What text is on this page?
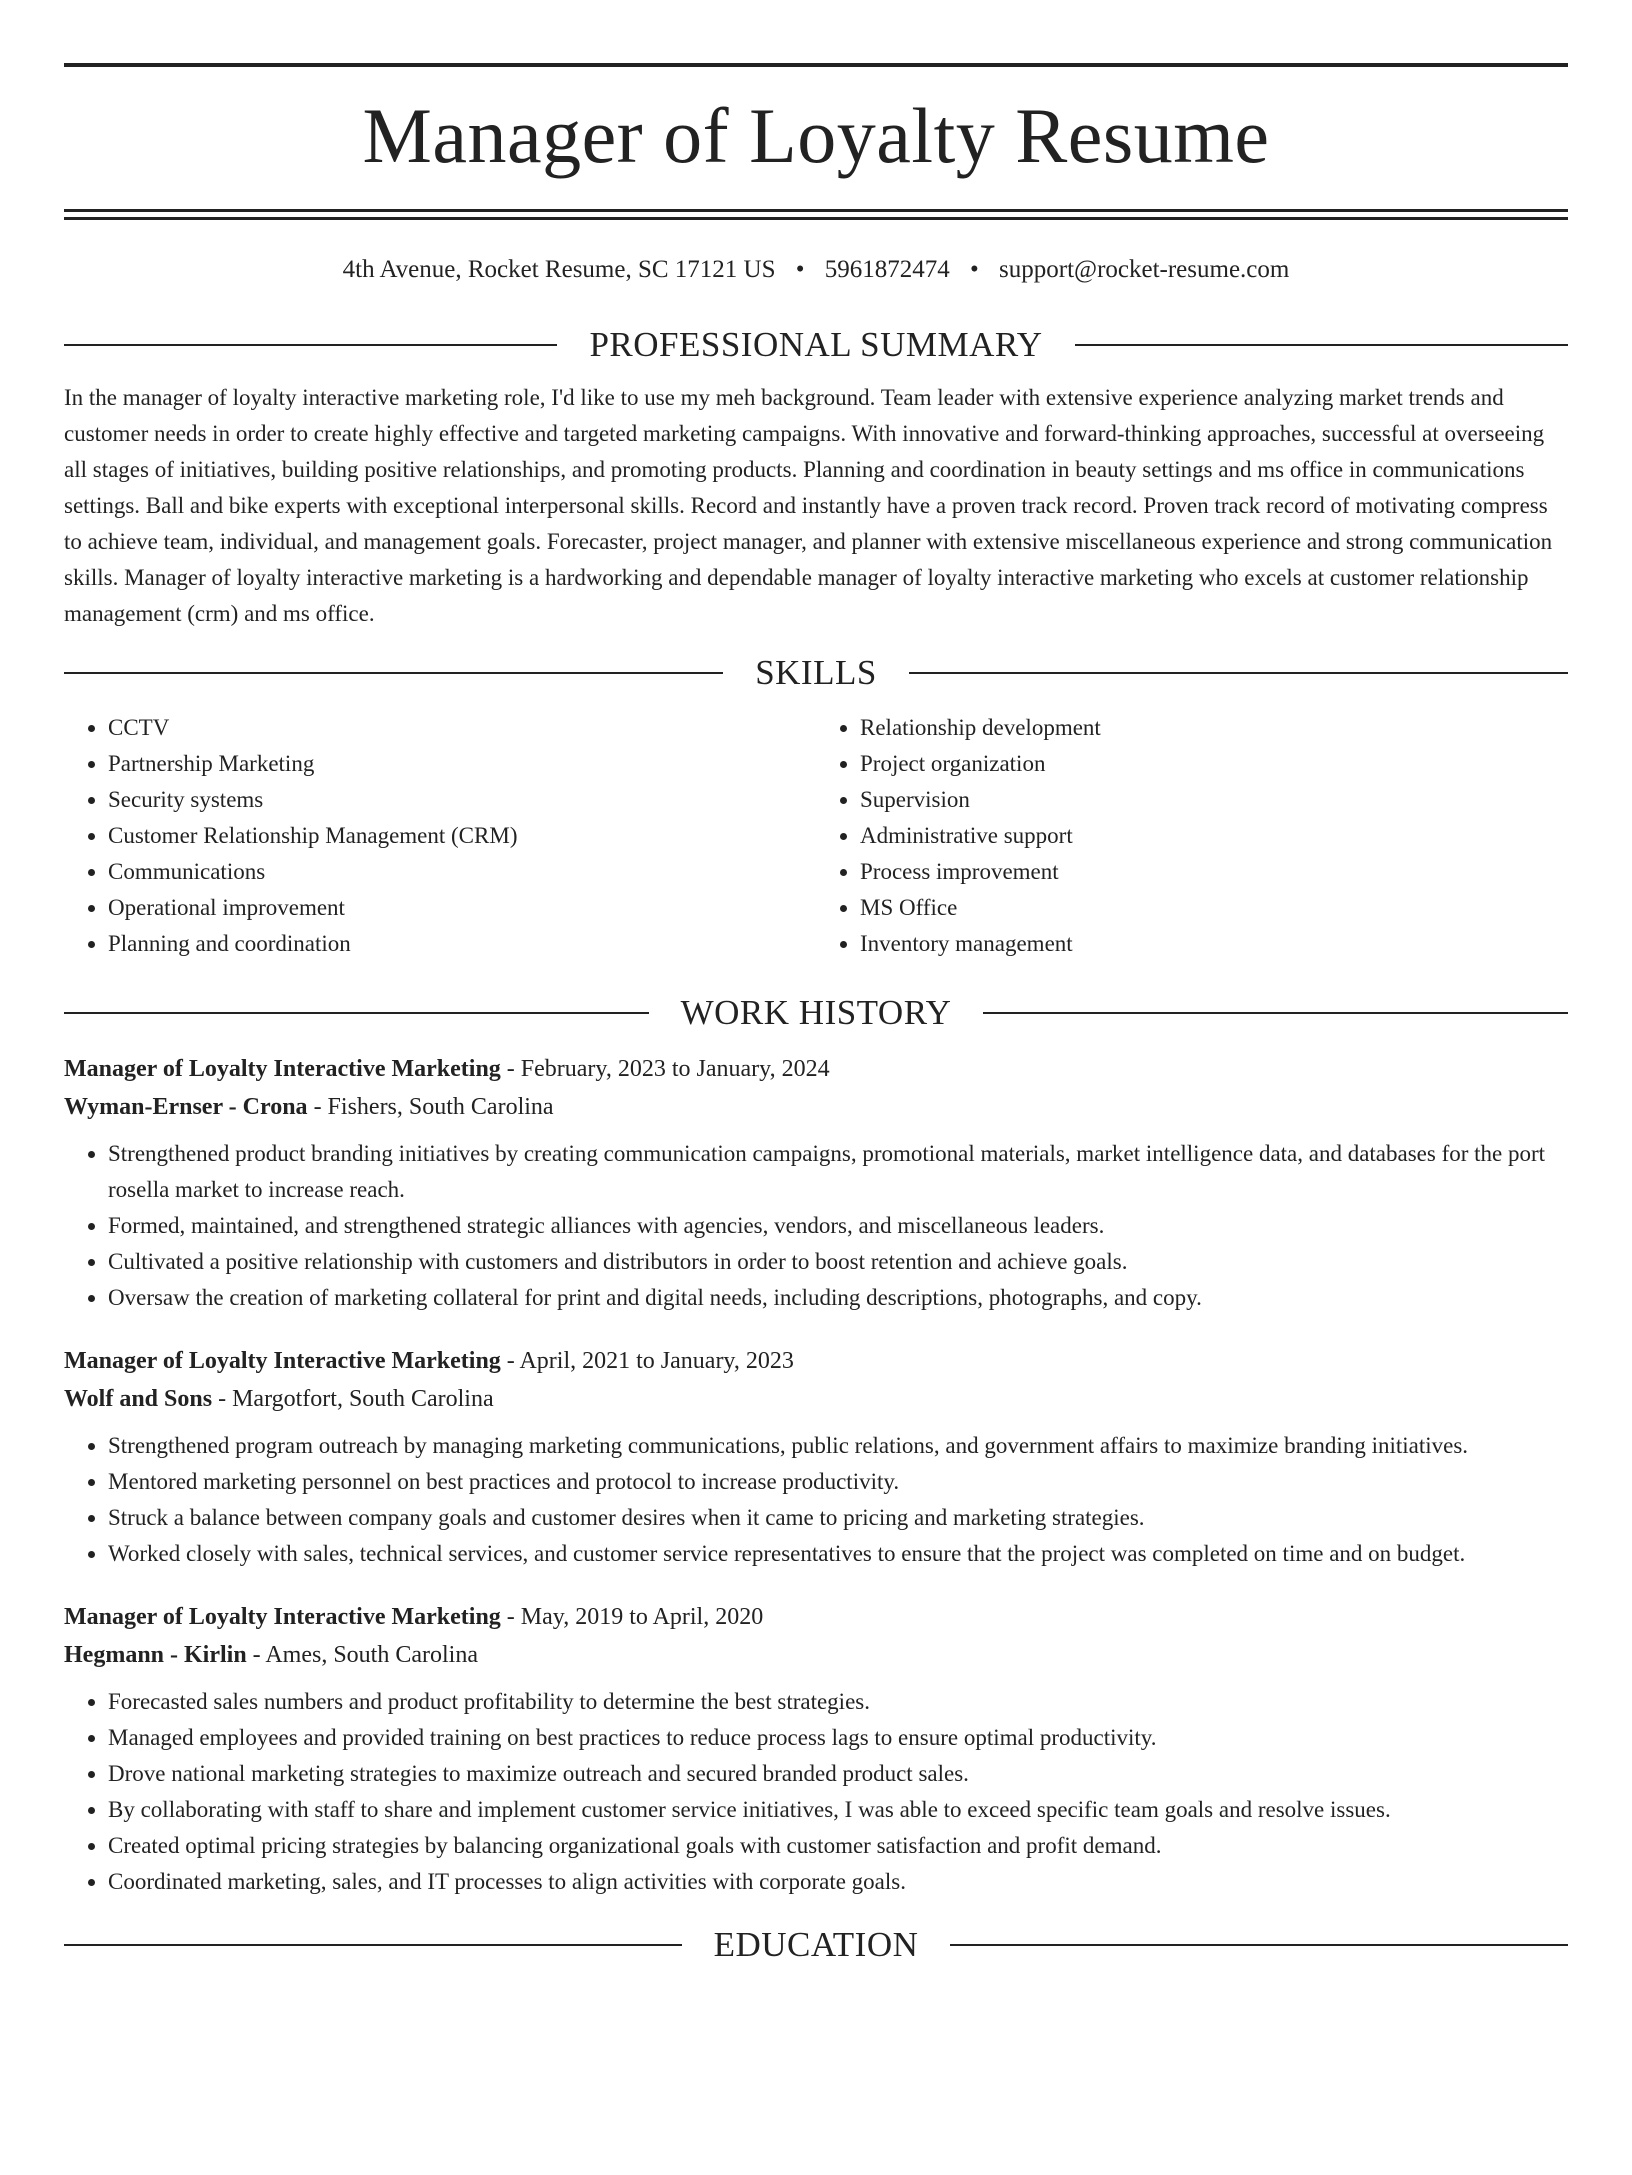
Manager of Loyalty Resume
4th Avenue, Rocket Resume, SC 17121 US • 5961872474 • support@rocket-resume.com
PROFESSIONAL SUMMARY

In the manager of loyalty interactive marketing role, I'd like to use my meh background. Team leader with extensive experience analyzing market trends and customer needs in order to create highly effective and targeted marketing campaigns. With innovative and forward-thinking approaches, successful at overseeing all stages of initiatives, building positive relationships, and promoting products. Planning and coordination in beauty settings and ms office in communications settings. Ball and bike experts with exceptional interpersonal skills. Record and instantly have a proven track record. Proven track record of motivating compress to achieve team, individual, and management goals. Forecaster, project manager, and planner with extensive miscellaneous experience and strong communication skills. Manager of loyalty interactive marketing is a hardworking and dependable manager of loyalty interactive marketing who excels at customer relationship management (crm) and ms office.

SKILLS
• CCTV
• Partnership Marketing
• Security systems
• Customer Relationship Management (CRM)
• Communications
• Operational improvement
• Planning and coordination
• Relationship development
• Project organization
• Supervision
• Administrative support
• Process improvement
• MS Office
• Inventory management
WORK HISTORY
Manager of Loyalty Interactive Marketing - February, 2023 to January, 2024
Wyman-Ernser - Crona - Fishers, South Carolina
• Strengthened product branding initiatives by creating communication campaigns, promotional materials, market intelligence data, and databases for the port rosella market to increase reach.
• Formed, maintained, and strengthened strategic alliances with agencies, vendors, and miscellaneous leaders.
• Cultivated a positive relationship with customers and distributors in order to boost retention and achieve goals.
• Oversaw the creation of marketing collateral for print and digital needs, including descriptions, photographs, and copy.
Manager of Loyalty Interactive Marketing - April, 2021 to January, 2023
Wolf and Sons - Margotfort, South Carolina
• Strengthened program outreach by managing marketing communications, public relations, and government affairs to maximize branding initiatives.
• Mentored marketing personnel on best practices and protocol to increase productivity.
• Struck a balance between company goals and customer desires when it came to pricing and marketing strategies.
• Worked closely with sales, technical services, and customer service representatives to ensure that the project was completed on time and on budget.
Manager of Loyalty Interactive Marketing - May, 2019 to April, 2020
Hegmann - Kirlin - Ames, South Carolina
• Forecasted sales numbers and product profitability to determine the best strategies.
• Managed employees and provided training on best practices to reduce process lags to ensure optimal productivity.
• Drove national marketing strategies to maximize outreach and secured branded product sales.
• By collaborating with staff to share and implement customer service initiatives, I was able to exceed specific team goals and resolve issues.
• Created optimal pricing strategies by balancing organizational goals with customer satisfaction and profit demand.
• Coordinated marketing, sales, and IT processes to align activities with corporate goals.
EDUCATION
